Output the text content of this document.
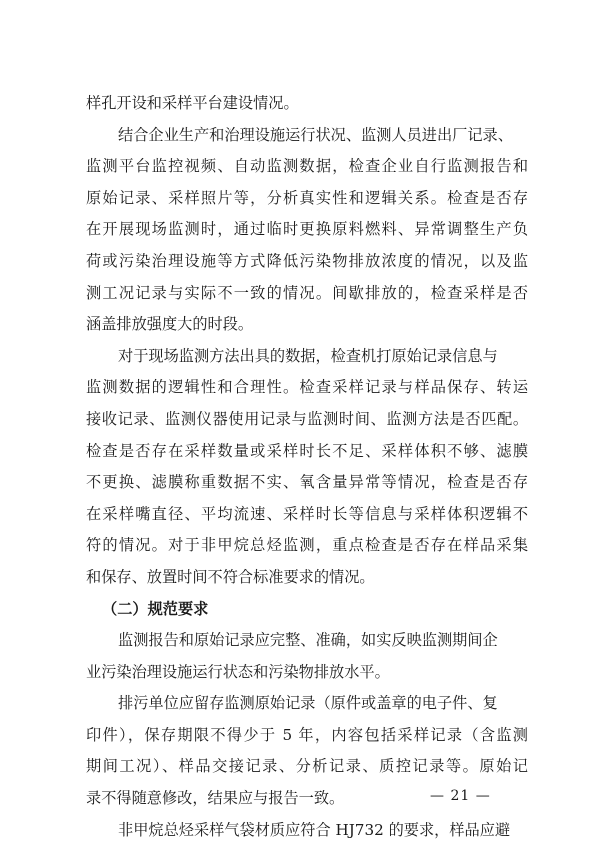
样孔开设和采样平台建设情况。
结合企业生产和治理设施运行状况、监测人员进出厂记录、
监测平台监控视频、自动监测数据，检查企业自行监测报告和
原始记录、采样照片等，分析真实性和逻辑关系。检查是否存
在开展现场监测时，通过临时更换原料燃料、异常调整生产负
荷或污染治理设施等方式降低污染物排放浓度的情况，以及监
测工况记录与实际不一致的情况。间歇排放的，检查采样是否
涵盖排放强度大的时段。
对于现场监测方法出具的数据，检查机打原始记录信息与
监测数据的逻辑性和合理性。检查采样记录与样品保存、转运
接收记录、监测仪器使用记录与监测时间、监测方法是否匹配。
检查是否存在采样数量或采样时长不足、采样体积不够、滤膜
不更换、滤膜称重数据不实、氧含量异常等情况，检查是否存
在采样嘴直径、平均流速、采样时长等信息与采样体积逻辑不
符的情况。对于非甲烷总烃监测，重点检查是否存在样品采集
和保存、放置时间不符合标准要求的情况。
（二）规范要求
监测报告和原始记录应完整、准确，如实反映监测期间企
业污染治理设施运行状态和污染物排放水平。
排污单位应留存监测原始记录（原件或盖章的电子件、复
印件），保存期限不得少于 5 年，内容包括采样记录（含监测
期间工况）、样品交接记录、分析记录、质控记录等。原始记
录不得随意修改，结果应与报告一致。
非甲烷总烃采样气袋材质应符合 HJ732 的要求，样品应避
— 21 —
